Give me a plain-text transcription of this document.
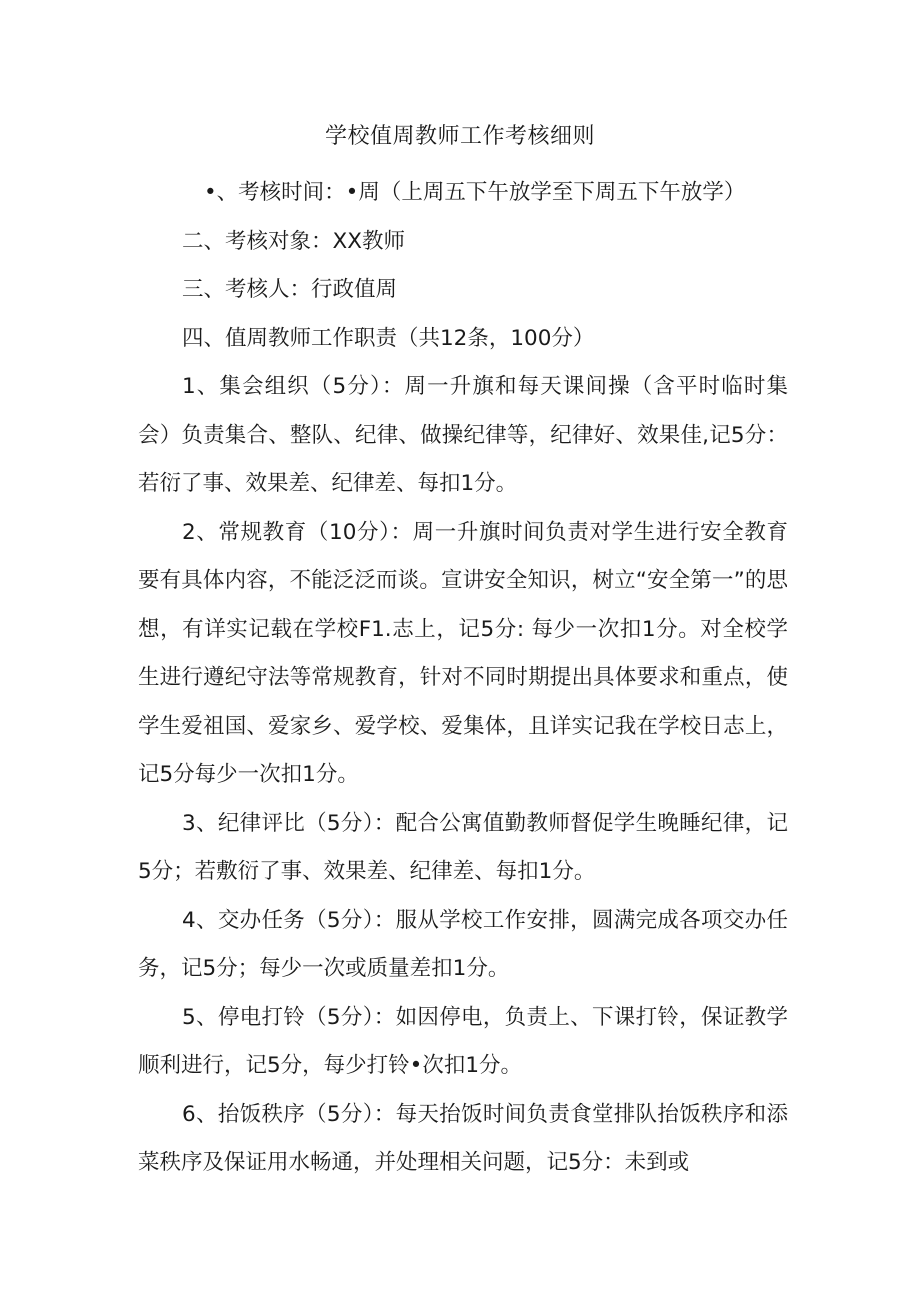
学校值周教师工作考核细则

•、考核时间：•周（上周五下午放学至下周五下午放学）

二、考核对象：XX教师

三、考核人：行政值周

四、值周教师工作职责（共12条，100分）

1、集会组织（5分）：周一升旗和每天课间操（含平时临时集会）负责集合、整队、纪律、做操纪律等，纪律好、效果佳,记5分：若衍了事、效果差、纪律差、每扣1分。

2、常规教育（10分）：周一升旗时间负责对学生进行安全教育要有具体内容，不能泛泛而谈。宣讲安全知识，树立“安全第一”的思想，有详实记载在学校F1.志上，记5分: 每少一次扣1分。对全校学生进行遵纪守法等常规教育，针对不同时期提出具体要求和重点，使学生爱祖国、爱家乡、爱学校、爱集体，且详实记我在学校日志上，记5分每少一次扣1分。

3、纪律评比（5分）：配合公寓值勤教师督促学生晚睡纪律，记5分；若敷衍了事、效果差、纪律差、每扣1分。

4、交办任务（5分）：服从学校工作安排，圆满完成各项交办任务，记5分；每少一次或质量差扣1分。

5、停电打铃（5分）：如因停电，负责上、下课打铃，保证教学顺利进行，记5分，每少打铃•次扣1分。

6、抬饭秩序（5分）：每天抬饭时间负责食堂排队抬饭秩序和添菜秩序及保证用水畅通，并处理相关问题，记5分：未到或
